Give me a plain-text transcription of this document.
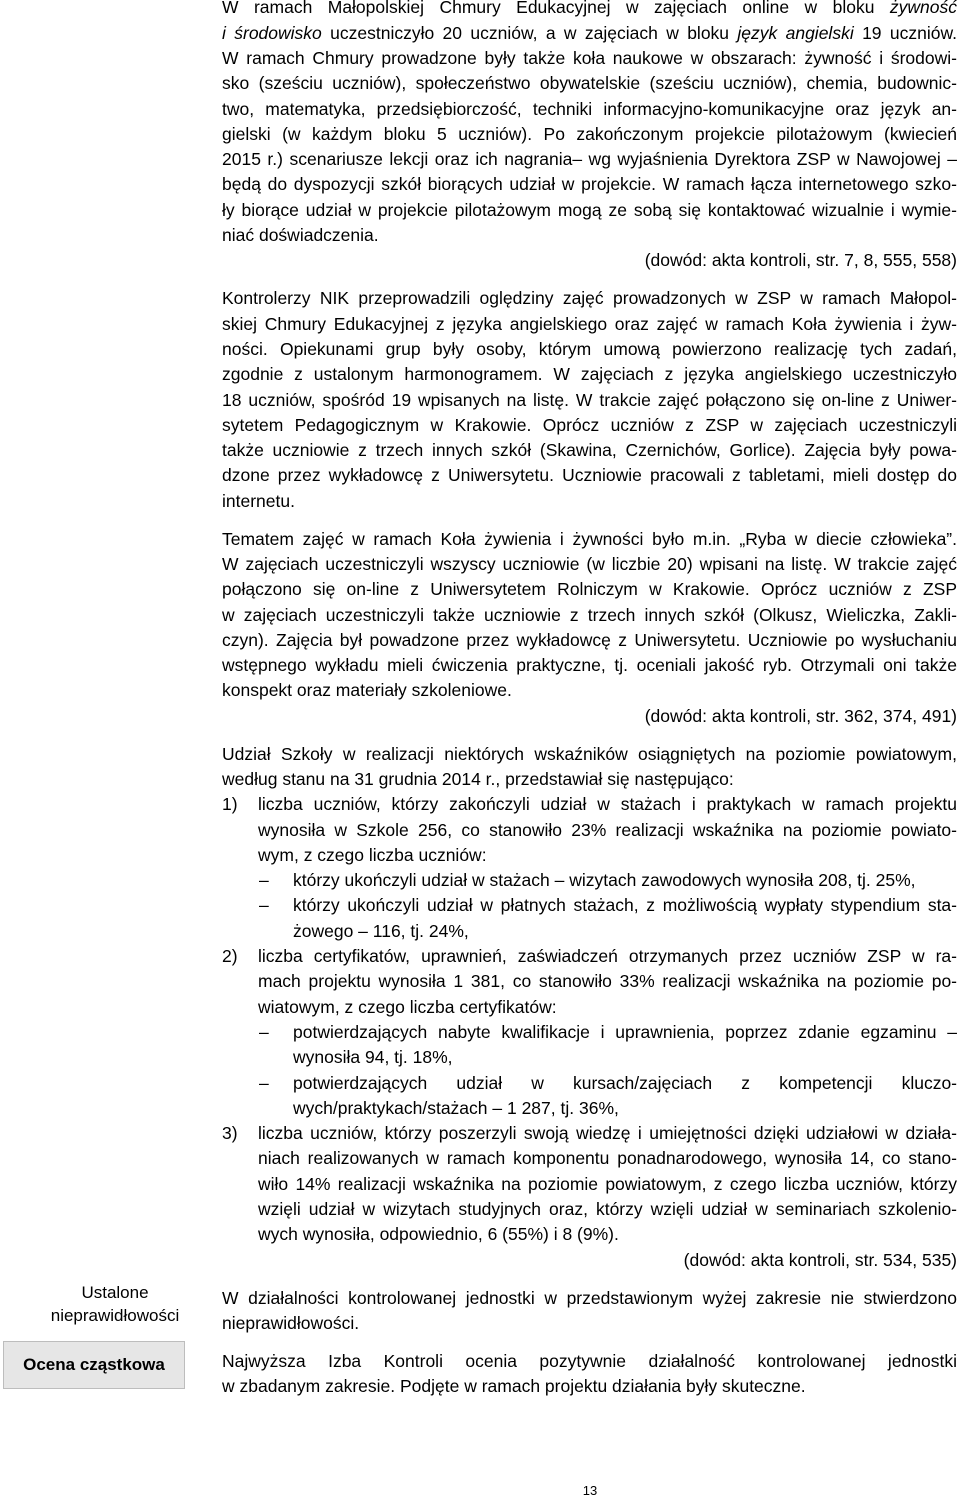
Ustalone
nieprawidłowości
Ocena cząstkowa
W ramach Małopolskiej Chmury Edukacyjnej w zajęciach online w bloku żywność
i środowisko uczestniczyło 20 uczniów, a w zajęciach w bloku język angielski 19 uczniów.
W ramach Chmury prowadzone były także koła naukowe w obszarach: żywność i środowi-
sko (sześciu uczniów), społeczeństwo obywatelskie (sześciu uczniów), chemia, budownic-
two, matematyka, przedsiębiorczość, techniki informacyjno-komunikacyjne oraz język an-
gielski (w każdym bloku 5 uczniów). Po zakończonym projekcie pilotażowym (kwiecień
2015 r.) scenariusze lekcji oraz ich nagrania– wg wyjaśnienia Dyrektora ZSP w Nawojowej –
będą do dyspozycji szkół biorących udział w projekcie. W ramach łącza internetowego szko-
ły biorące udział w projekcie pilotażowym mogą ze sobą się kontaktować wizualnie i wymie-
niać doświadczenia.
(dowód: akta kontroli, str. 7, 8, 555, 558)
Kontrolerzy NIK przeprowadzili oględziny zajęć prowadzonych w ZSP w ramach Małopol-
skiej Chmury Edukacyjnej z języka angielskiego oraz zajęć w ramach Koła żywienia i żyw-
ności. Opiekunami grup były osoby, którym umową powierzono realizację tych zadań,
zgodnie z ustalonym harmonogramem. W zajęciach z języka angielskiego uczestniczyło
18 uczniów, spośród 19 wpisanych na listę. W trakcie zajęć połączono się on-line z Uniwer-
sytetem Pedagogicznym w Krakowie. Oprócz uczniów z ZSP w zajęciach uczestniczyli
także uczniowie z trzech innych szkół (Skawina, Czernichów, Gorlice). Zajęcia były powa-
dzone przez wykładowcę z Uniwersytetu. Uczniowie pracowali z tabletami, mieli dostęp do
internetu.
Tematem zajęć w ramach Koła żywienia i żywności było m.in. „Ryba w diecie człowieka”.
W zajęciach uczestniczyli wszyscy uczniowie (w liczbie 20) wpisani na listę. W trakcie zajęć
połączono się on-line z Uniwersytetem Rolniczym w Krakowie. Oprócz uczniów z ZSP
w zajęciach uczestniczyli także uczniowie z trzech innych szkół (Olkusz, Wieliczka, Zakli-
czyn). Zajęcia był powadzone przez wykładowcę z Uniwersytetu. Uczniowie po wysłuchaniu
wstępnego wykładu mieli ćwiczenia praktyczne, tj. oceniali jakość ryb. Otrzymali oni także
konspekt oraz materiały szkoleniowe.
(dowód: akta kontroli, str. 362, 374, 491)
Udział Szkoły w realizacji niektórych wskaźników osiągniętych na poziomie powiatowym,
według stanu na 31 grudnia 2014 r., przedstawiał się następująco:
1) liczba uczniów, którzy zakończyli udział w stażach i praktykach w ramach projektu
wynosiła w Szkole 256, co stanowiło 23% realizacji wskaźnika na poziomie powiato-
wym, z czego liczba uczniów:
– którzy ukończyli udział w stażach – wizytach zawodowych wynosiła 208, tj. 25%,
– którzy ukończyli udział w płatnych stażach, z możliwością wypłaty stypendium sta-
żowego – 116, tj. 24%,
2) liczba certyfikatów, uprawnień, zaświadczeń otrzymanych przez uczniów ZSP w ra-
mach projektu wynosiła 1 381, co stanowiło 33% realizacji wskaźnika na poziomie po-
wiatowym, z czego liczba certyfikatów:
– potwierdzających nabyte kwalifikacje i uprawnienia, poprzez zdanie egzaminu –
wynosiła 94, tj. 18%,
– potwierdzających udział w kursach/zajęciach z kompetencji kluczo-
wych/praktykach/stażach – 1 287, tj. 36%,
3) liczba uczniów, którzy poszerzyli swoją wiedzę i umiejętności dzięki udziałowi w działa-
niach realizowanych w ramach komponentu ponadnarodowego, wynosiła 14, co stano-
wiło 14% realizacji wskaźnika na poziomie powiatowym, z czego liczba uczniów, którzy
wzięli udział w wizytach studyjnych oraz, którzy wzięli udział w seminariach szkolenio-
wych wynosiła, odpowiednio, 6 (55%) i 8 (9%).
(dowód: akta kontroli, str. 534, 535)
W działalności kontrolowanej jednostki w przedstawionym wyżej zakresie nie stwierdzono
nieprawidłowości.
Najwyższa Izba Kontroli ocenia pozytywnie działalność kontrolowanej jednostki
w zbadanym zakresie. Podjęte w ramach projektu działania były skuteczne.
13
